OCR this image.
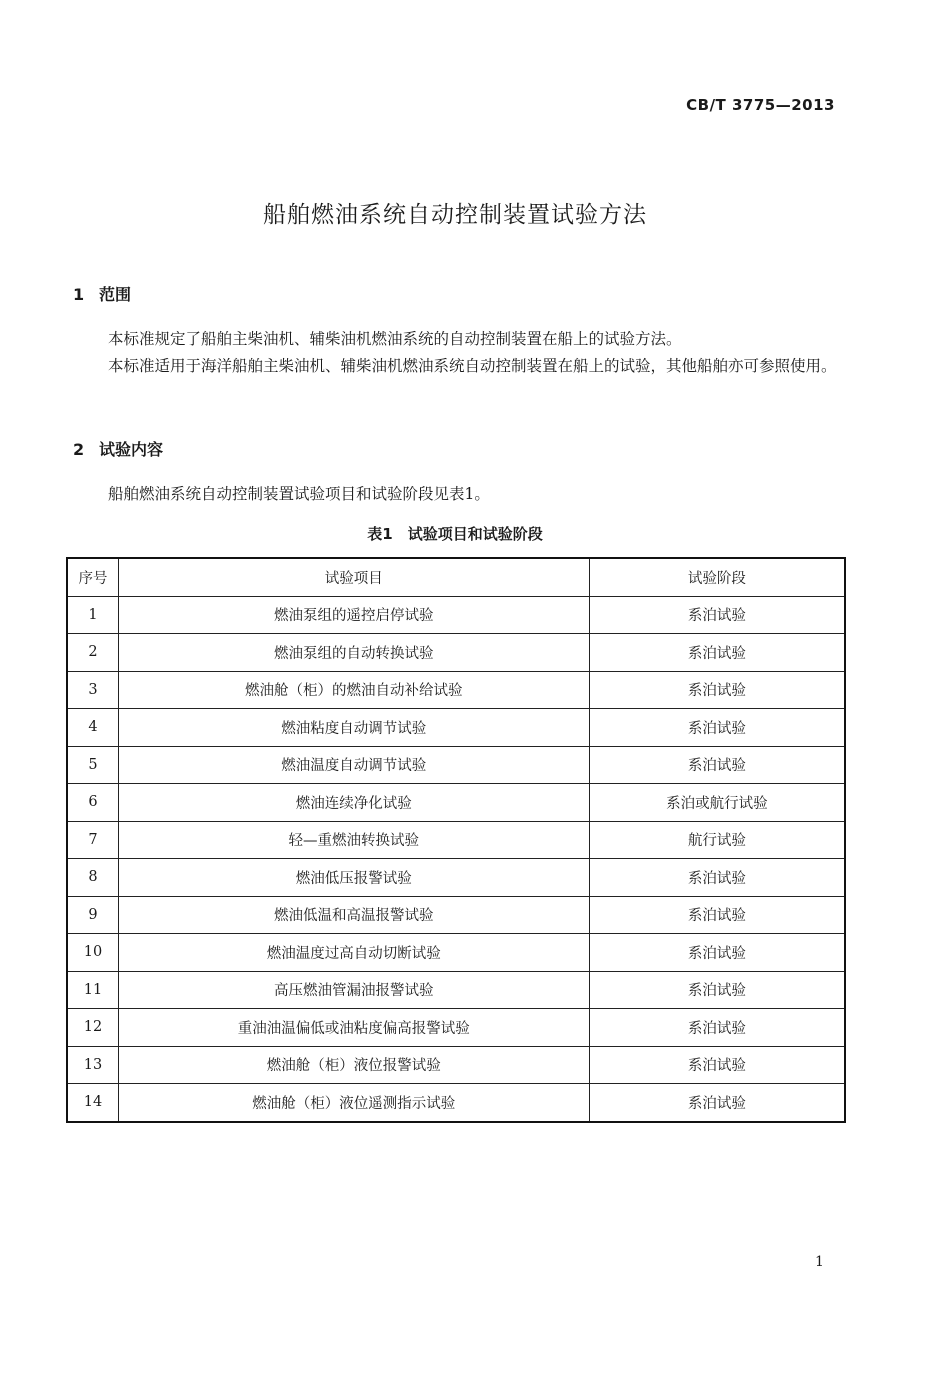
CB/T 3775—2013
船舶燃油系统自动控制装置试验方法
1 范围
本标准规定了船舶主柴油机、辅柴油机燃油系统的自动控制装置在船上的试验方法。
本标准适用于海洋船舶主柴油机、辅柴油机燃油系统自动控制装置在船上的试验，其他船舶亦可参照使用。
2 试验内容
船舶燃油系统自动控制装置试验项目和试验阶段见表1。
表1　试验项目和试验阶段
序号	试验项目	试验阶段
1	燃油泵组的遥控启停试验	系泊试验
2	燃油泵组的自动转换试验	系泊试验
3	燃油舱（柜）的燃油自动补给试验	系泊试验
4	燃油粘度自动调节试验	系泊试验
5	燃油温度自动调节试验	系泊试验
6	燃油连续净化试验	系泊或航行试验
7	轻—重燃油转换试验	航行试验
8	燃油低压报警试验	系泊试验
9	燃油低温和高温报警试验	系泊试验
10	燃油温度过高自动切断试验	系泊试验
11	高压燃油管漏油报警试验	系泊试验
12	重油油温偏低或油粘度偏高报警试验	系泊试验
13	燃油舱（柜）液位报警试验	系泊试验
14	燃油舱（柜）液位遥测指示试验	系泊试验
1
